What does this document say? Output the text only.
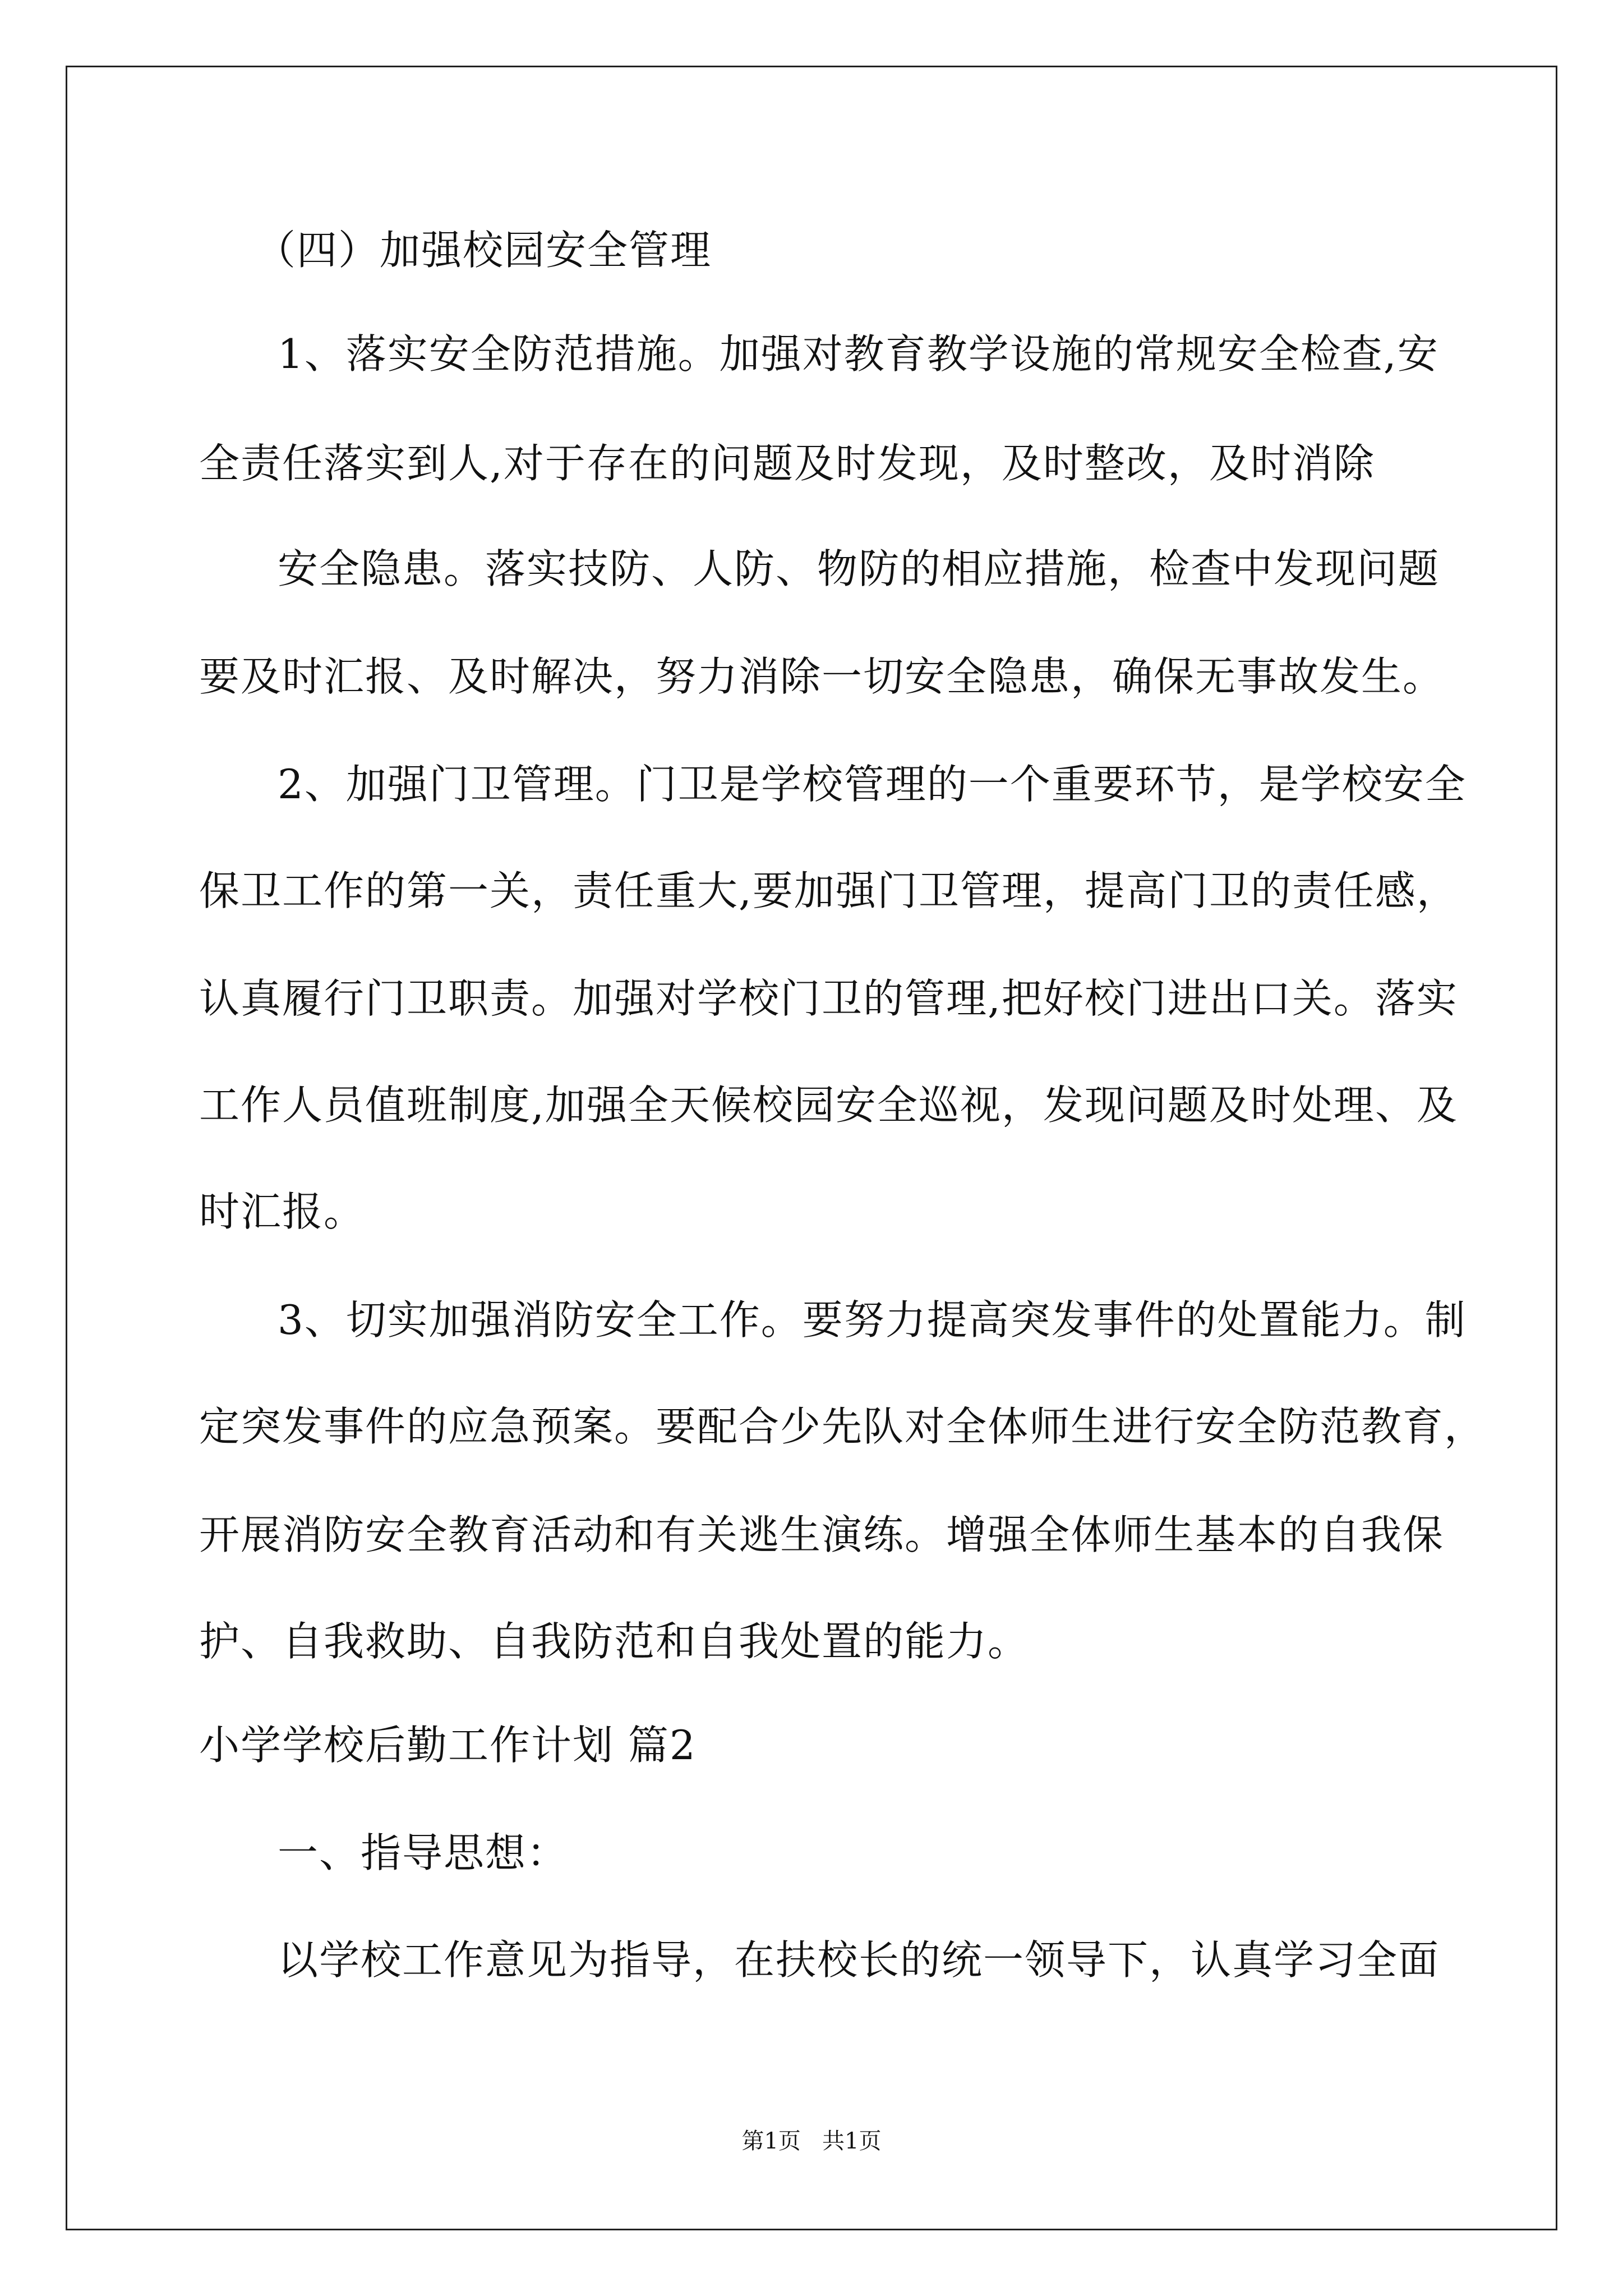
（四）加强校园安全管理
1、落实安全防范措施。加强对教育教学设施的常规安全检查,安
全责任落实到人,对于存在的问题及时发现，及时整改，及时消除
安全隐患。落实技防、人防、物防的相应措施，检查中发现问题
要及时汇报、及时解决，努力消除一切安全隐患，确保无事故发生。
2、加强门卫管理。门卫是学校管理的一个重要环节，是学校安全
保卫工作的第一关，责任重大,要加强门卫管理，提高门卫的责任感，
认真履行门卫职责。加强对学校门卫的管理,把好校门进出口关。落实
工作人员值班制度,加强全天候校园安全巡视，发现问题及时处理、及
时汇报。
3、切实加强消防安全工作。要努力提高突发事件的处置能力。制
定突发事件的应急预案。要配合少先队对全体师生进行安全防范教育，
开展消防安全教育活动和有关逃生演练。增强全体师生基本的自我保
护、自我救助、自我防范和自我处置的能力。
小学学校后勤工作计划 篇2
一、指导思想：
以学校工作意见为指导，在扶校长的统一领导下，认真学习全面
第1页   共1页
